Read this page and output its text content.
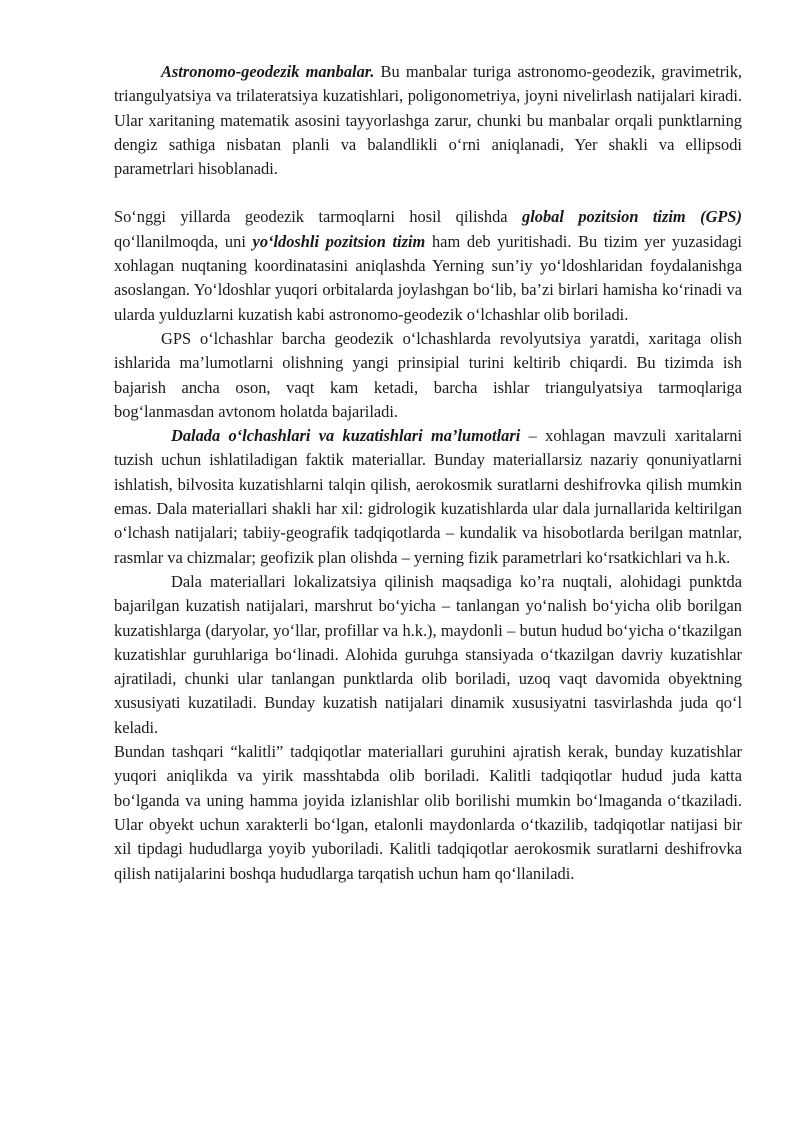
Astronomo-geodezik manbalar. Bu manbalar turiga astronomo-geodezik, gravimetrik, triangulyatsiya va trilateratsiya kuzatishlari, poligonometriya, joyni nivelirlash natijalari kiradi. Ular xaritaning matematik asosini tayyorlashga zarur, chunki bu manbalar orqali punktlarning dengiz sathiga nisbatan planli va balandlikli o‘rni aniqlanadi, Yer shakli va ellipsodi parametrlari hisoblanadi.

So‘nggi yillarda geodezik tarmoqlarni hosil qilishda global pozitsion tizim (GPS) qo‘llanilmoqda, uni yo‘ldoshli pozitsion tizim ham deb yuritishadi. Bu tizim yer yuzasidagi xohlagan nuqtaning koordinatasini aniqlashda Yerning sun’iy yo‘ldoshlaridan foydalanishga asoslangan. Yo‘ldoshlar yuqori orbitalarda joylashgan bo‘lib, ba’zi birlari hamisha ko‘rinadi va ularda yulduzlarni kuzatish kabi astronomo-geodezik o‘lchashlar olib boriladi.

GPS o‘lchashlar barcha geodezik o‘lchashlarda revolyutsiya yaratdi, xaritaga olish ishlarida ma’lumotlarni olishning yangi prinsipial turini keltirib chiqardi. Bu tizimda ish bajarish ancha oson, vaqt kam ketadi, barcha ishlar triangulyatsiya tarmoqlariga bog‘lanmasdan avtonom holatda bajariladi.

Dalada o‘lchashlari va kuzatishlari ma’lumotlari – xohlagan mavzuli xaritalarni tuzish uchun ishlatiladigan faktik materiallar. Bunday materiallarsiz nazariy qonuniyatlarni ishlatish, bilvosita kuzatishlarni talqin qilish, aerokosmik suratlarni deshifrovka qilish mumkin emas. Dala materiallari shakli har xil: gidrologik kuzatishlarda ular dala jurnallarida keltirilgan o‘lchash natijalari; tabiiy-geografik tadqiqotlarda – kundalik va hisobotlarda berilgan matnlar, rasmlar va chizmalar; geofizik plan olishda – yerning fizik parametrlari ko‘rsatkichlari va h.k.

Dala materiallari lokalizatsiya qilinish maqsadiga ko’ra nuqtali, alohidagi punktda bajarilgan kuzatish natijalari, marshrut bo‘yicha – tanlangan yo‘nalish bo‘yicha olib borilgan kuzatishlarga (daryolar, yo‘llar, profillar va h.k.), maydonli – butun hudud bo‘yicha o‘tkazilgan kuzatishlar guruhlariga bo‘linadi. Alohida guruhga stansiyada o‘tkazilgan davriy kuzatishlar ajratiladi, chunki ular tanlangan punktlarda olib boriladi, uzoq vaqt davomida obyektning xususiyati kuzatiladi. Bunday kuzatish natijalari dinamik xususiyatni tasvirlashda juda qo‘l keladi.

Bundan tashqari “kalitli” tadqiqotlar materiallari guruhini ajratish kerak, bunday kuzatishlar yuqori aniqlikda va yirik masshtabda olib boriladi. Kalitli tadqiqotlar hudud juda katta bo‘lganda va uning hamma joyida izlanishlar olib borilishi mumkin bo‘lmaganda o‘tkaziladi. Ular obyekt uchun xarakterli bo‘lgan, etalonli maydonlarda o‘tkazilib, tadqiqotlar natijasi bir xil tipdagi hududlarga yoyib yuboriladi. Kalitli tadqiqotlar aerokosmik suratlarni deshifrovka qilish natijalarini boshqa hududlarga tarqatish uchun ham qo‘llaniladi.
